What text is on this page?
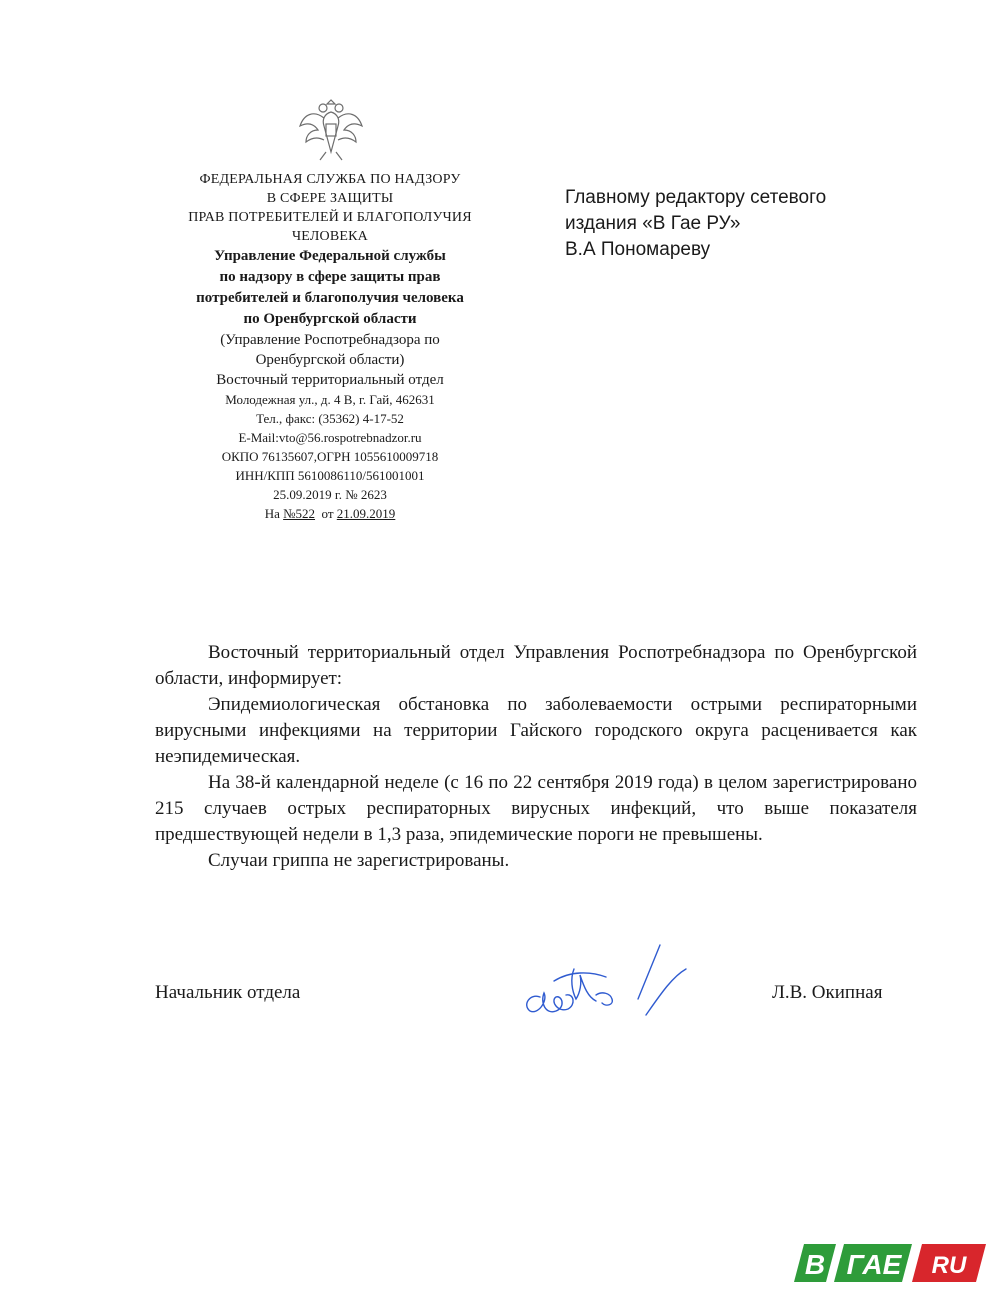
ФЕДЕРАЛЬНАЯ СЛУЖБА ПО НАДЗОРУ
В СФЕРЕ ЗАЩИТЫ
ПРАВ ПОТРЕБИТЕЛЕЙ И БЛАГОПОЛУЧИЯ
ЧЕЛОВЕКА
Управление Федеральной службы
по надзору в сфере защиты прав
потребителей и благополучия человека
по Оренбургской области
(Управление Роспотребнадзора по
Оренбургской области)
Восточный территориальный отдел
Молодежная ул., д. 4 В, г. Гай, 462631
Тел., факс: (35362) 4-17-52
E-Mail:vto@56.rospotrebnadzor.ru
ОКПО 76135607,ОГРН 1055610009718
ИНН/КПП 5610086110/561001001
25.09.2019 г. № 2623
На №522 от 21.09.2019
Главному редактору сетевого
издания «В Гае РУ»
В.А Пономареву

Восточный территориальный отдел Управления Роспотребнадзора по Оренбургской области, информирует:

Эпидемиологическая обстановка по заболеваемости острыми респираторными вирусными инфекциями на территории Гайского городского округа расценивается как неэпидемическая.

На 38-й календарной неделе (с 16 по 22 сентября 2019 года) в целом зарегистрировано 215 случаев острых респираторных вирусных инфекций, что выше показателя предшествующей недели в 1,3 раза, эпидемические пороги не превышены.

Случаи гриппа не зарегистрированы.

Начальник отдела	Л.В. Окипная
В ГАЕ RU
